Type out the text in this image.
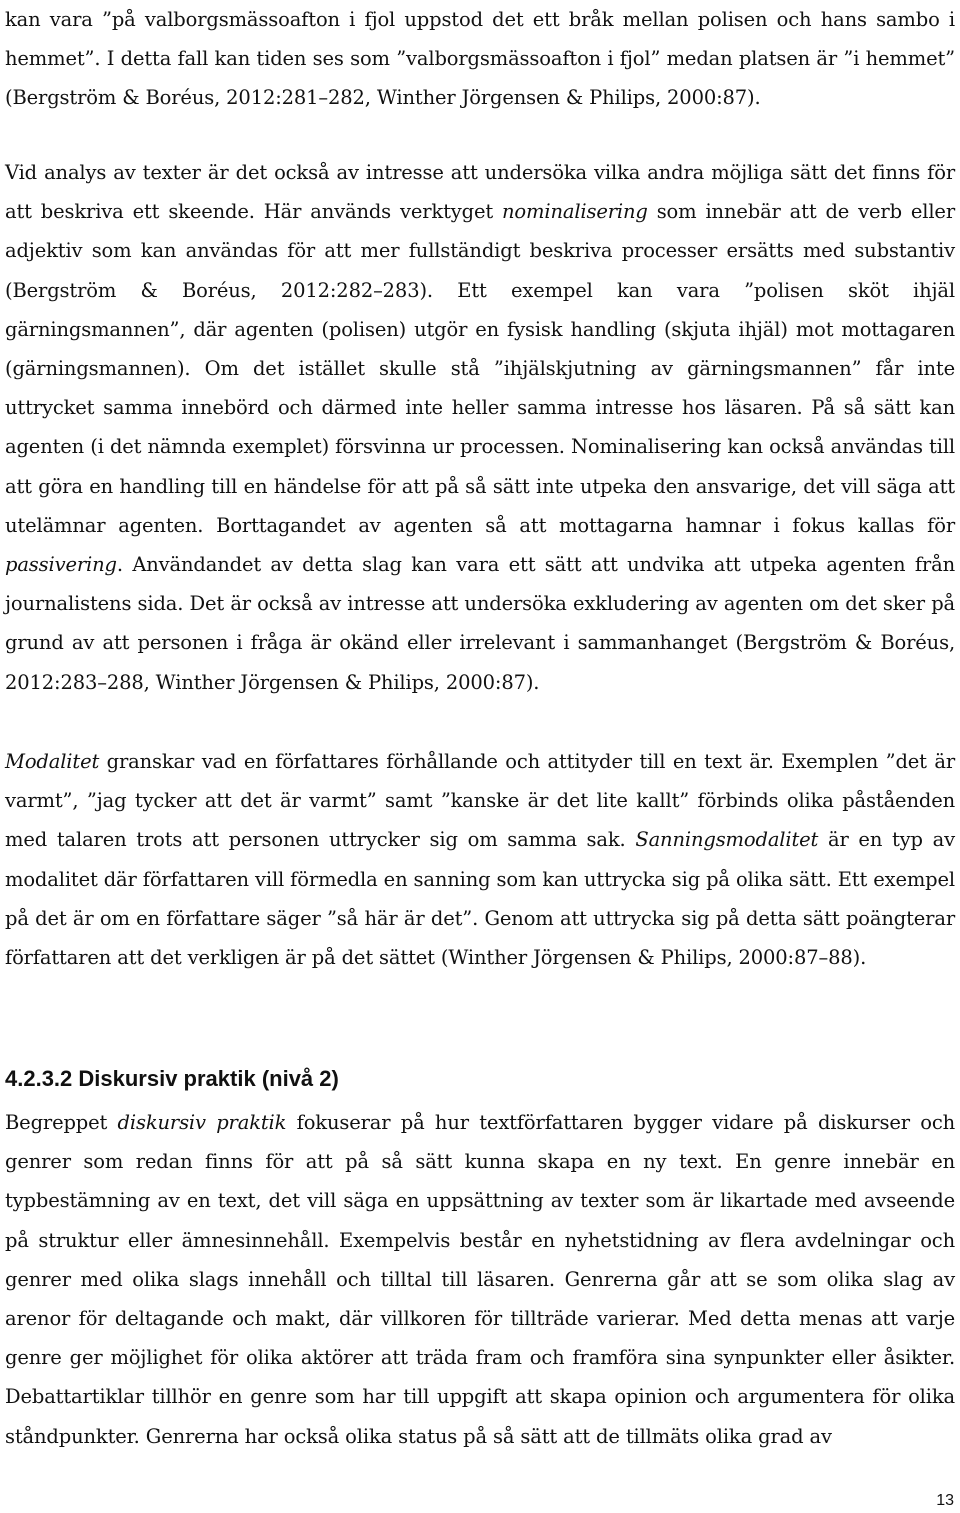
kan vara ”på valborgsmässoafton i fjol uppstod det ett bråk mellan polisen och hans sambo i hemmet”. I detta fall kan tiden ses som ”valborgsmässoafton i fjol” medan platsen är ”i hemmet” (Bergström & Boréus, 2012:281–282, Winther Jörgensen & Philips, 2000:87).

Vid analys av texter är det också av intresse att undersöka vilka andra möjliga sätt det finns för att beskriva ett skeende. Här används verktyget nominalisering som innebär att de verb eller adjektiv som kan användas för att mer fullständigt beskriva processer ersätts med substantiv (Bergström & Boréus, 2012:282–283). Ett exempel kan vara ”polisen sköt ihjäl gärningsmannen”, där agenten (polisen) utgör en fysisk handling (skjuta ihjäl) mot mottagaren (gärningsmannen). Om det istället skulle stå ”ihjälskjutning av gärningsmannen” får inte uttrycket samma innebörd och därmed inte heller samma intresse hos läsaren. På så sätt kan agenten (i det nämnda exemplet) försvinna ur processen. Nominalisering kan också användas till att göra en handling till en händelse för att på så sätt inte utpeka den ansvarige, det vill säga att utelämnar agenten. Borttagandet av agenten så att mottagarna hamnar i fokus kallas för passivering. Användandet av detta slag kan vara ett sätt att undvika att utpeka agenten från journalistens sida. Det är också av intresse att undersöka exkludering av agenten om det sker på grund av att personen i fråga är okänd eller irrelevant i sammanhanget (Bergström & Boréus, 2012:283–288, Winther Jörgensen & Philips, 2000:87).

Modalitet granskar vad en författares förhållande och attityder till en text är. Exemplen ”det är varmt”, ”jag tycker att det är varmt” samt ”kanske är det lite kallt” förbinds olika påståenden med talaren trots att personen uttrycker sig om samma sak. Sanningsmodalitet är en typ av modalitet där författaren vill förmedla en sanning som kan uttrycka sig på olika sätt. Ett exempel på det är om en författare säger ”så här är det”. Genom att uttrycka sig på detta sätt poängterar författaren att det verkligen är på det sättet (Winther Jörgensen & Philips, 2000:87–88).

4.2.3.2 Diskursiv praktik (nivå 2)

Begreppet diskursiv praktik fokuserar på hur textförfattaren bygger vidare på diskurser och genrer som redan finns för att på så sätt kunna skapa en ny text. En genre innebär en typbestämning av en text, det vill säga en uppsättning av texter som är likartade med avseende på struktur eller ämnesinnehåll. Exempelvis består en nyhetstidning av flera avdelningar och genrer med olika slags innehåll och tilltal till läsaren. Genrerna går att se som olika slag av arenor för deltagande och makt, där villkoren för tillträde varierar. Med detta menas att varje genre ger möjlighet för olika aktörer att träda fram och framföra sina synpunkter eller åsikter. Debattartiklar tillhör en genre som har till uppgift att skapa opinion och argumentera för olika ståndpunkter. Genrerna har också olika status på så sätt att de tillmäts olika grad av

13
